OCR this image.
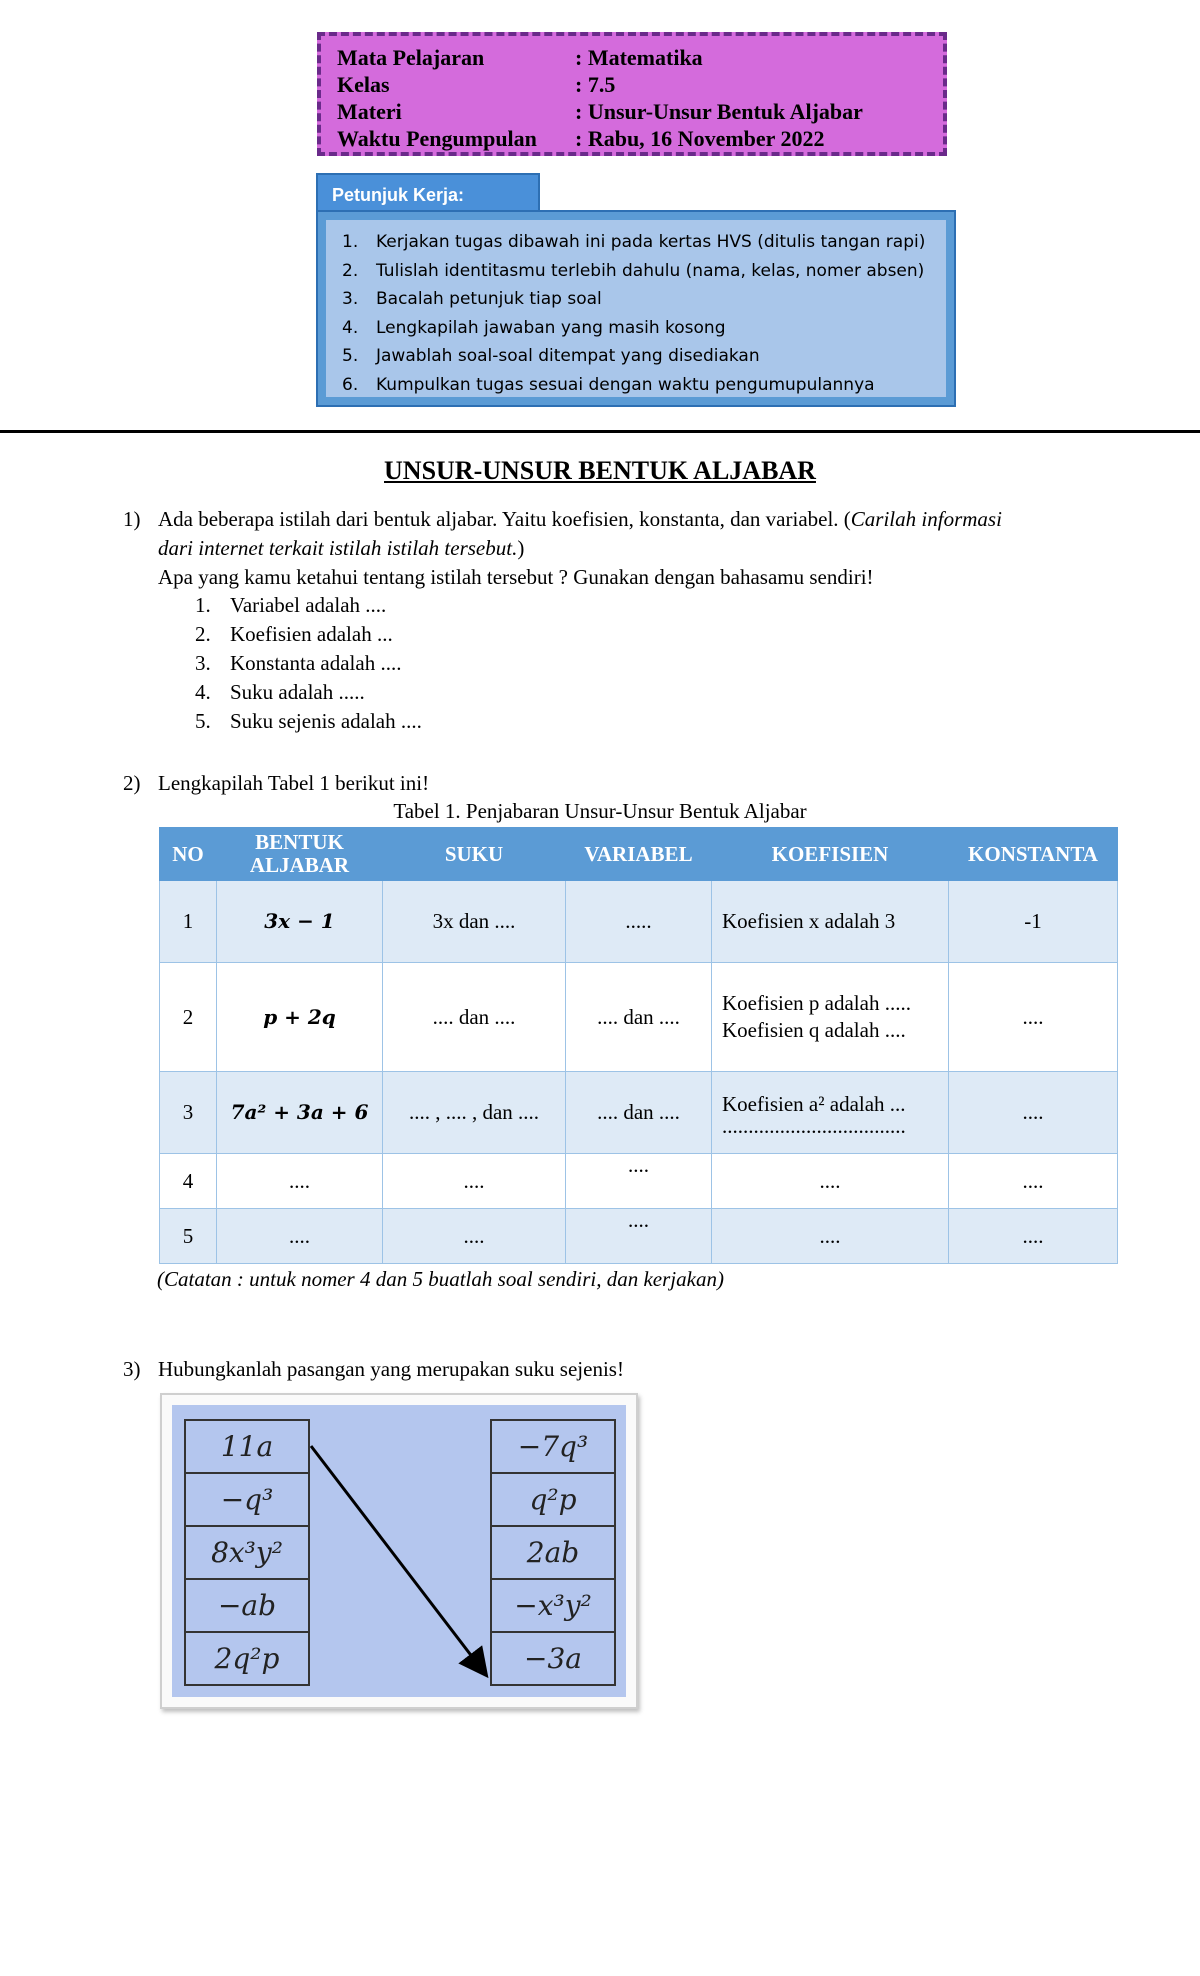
Mata Pelajaran	: Matematika
Kelas	: 7.5
Materi	: Unsur-Unsur Bentuk Aljabar
Waktu Pengumpulan	: Rabu, 16 November 2022
Petunjuk Kerja:
1.	Kerjakan tugas dibawah ini pada kertas HVS (ditulis tangan rapi)
2.	Tulislah identitasmu terlebih dahulu (nama, kelas, nomer absen)
3.	Bacalah petunjuk tiap soal
4.	Lengkapilah jawaban yang masih kosong
5.	Jawablah soal-soal ditempat yang disediakan
6.	Kumpulkan tugas sesuai dengan waktu pengumupulannya
UNSUR-UNSUR BENTUK ALJABAR
1) Ada beberapa istilah dari bentuk aljabar. Yaitu koefisien, konstanta, dan variabel. (Carilah informasi
dari internet terkait istilah istilah tersebut.)
Apa yang kamu ketahui tentang istilah tersebut ? Gunakan dengan bahasamu sendiri!
1. Variabel adalah ....
2. Koefisien adalah ...
3. Konstanta adalah ....
4. Suku adalah .....
5. Suku sejenis adalah ....
2) Lengkapilah Tabel 1 berikut ini!
Tabel 1. Penjabaran Unsur-Unsur Bentuk Aljabar
NO	BENTUK ALJABAR	SUKU	VARIABEL	KOEFISIEN	KONSTANTA
1	3x − 1	3x dan ....	.....	Koefisien x adalah 3	-1
2	p + 2q	.... dan ....	.... dan ....	Koefisien p adalah .....
Koefisien q adalah ....	....
3	7a² + 3a + 6	.... , .... , dan ....	.... dan ....	Koefisien a² adalah ...
...................................	....
4	....	....	....	....	....
5	....	....	....	....	....
(Catatan : untuk nomer 4 dan 5 buatlah soal sendiri, dan kerjakan)
3) Hubungkanlah pasangan yang merupakan suku sejenis!
11a
−q³
8x³y²
−ab
2q²p
−7q³
q²p
2ab
−x³y²
−3a
